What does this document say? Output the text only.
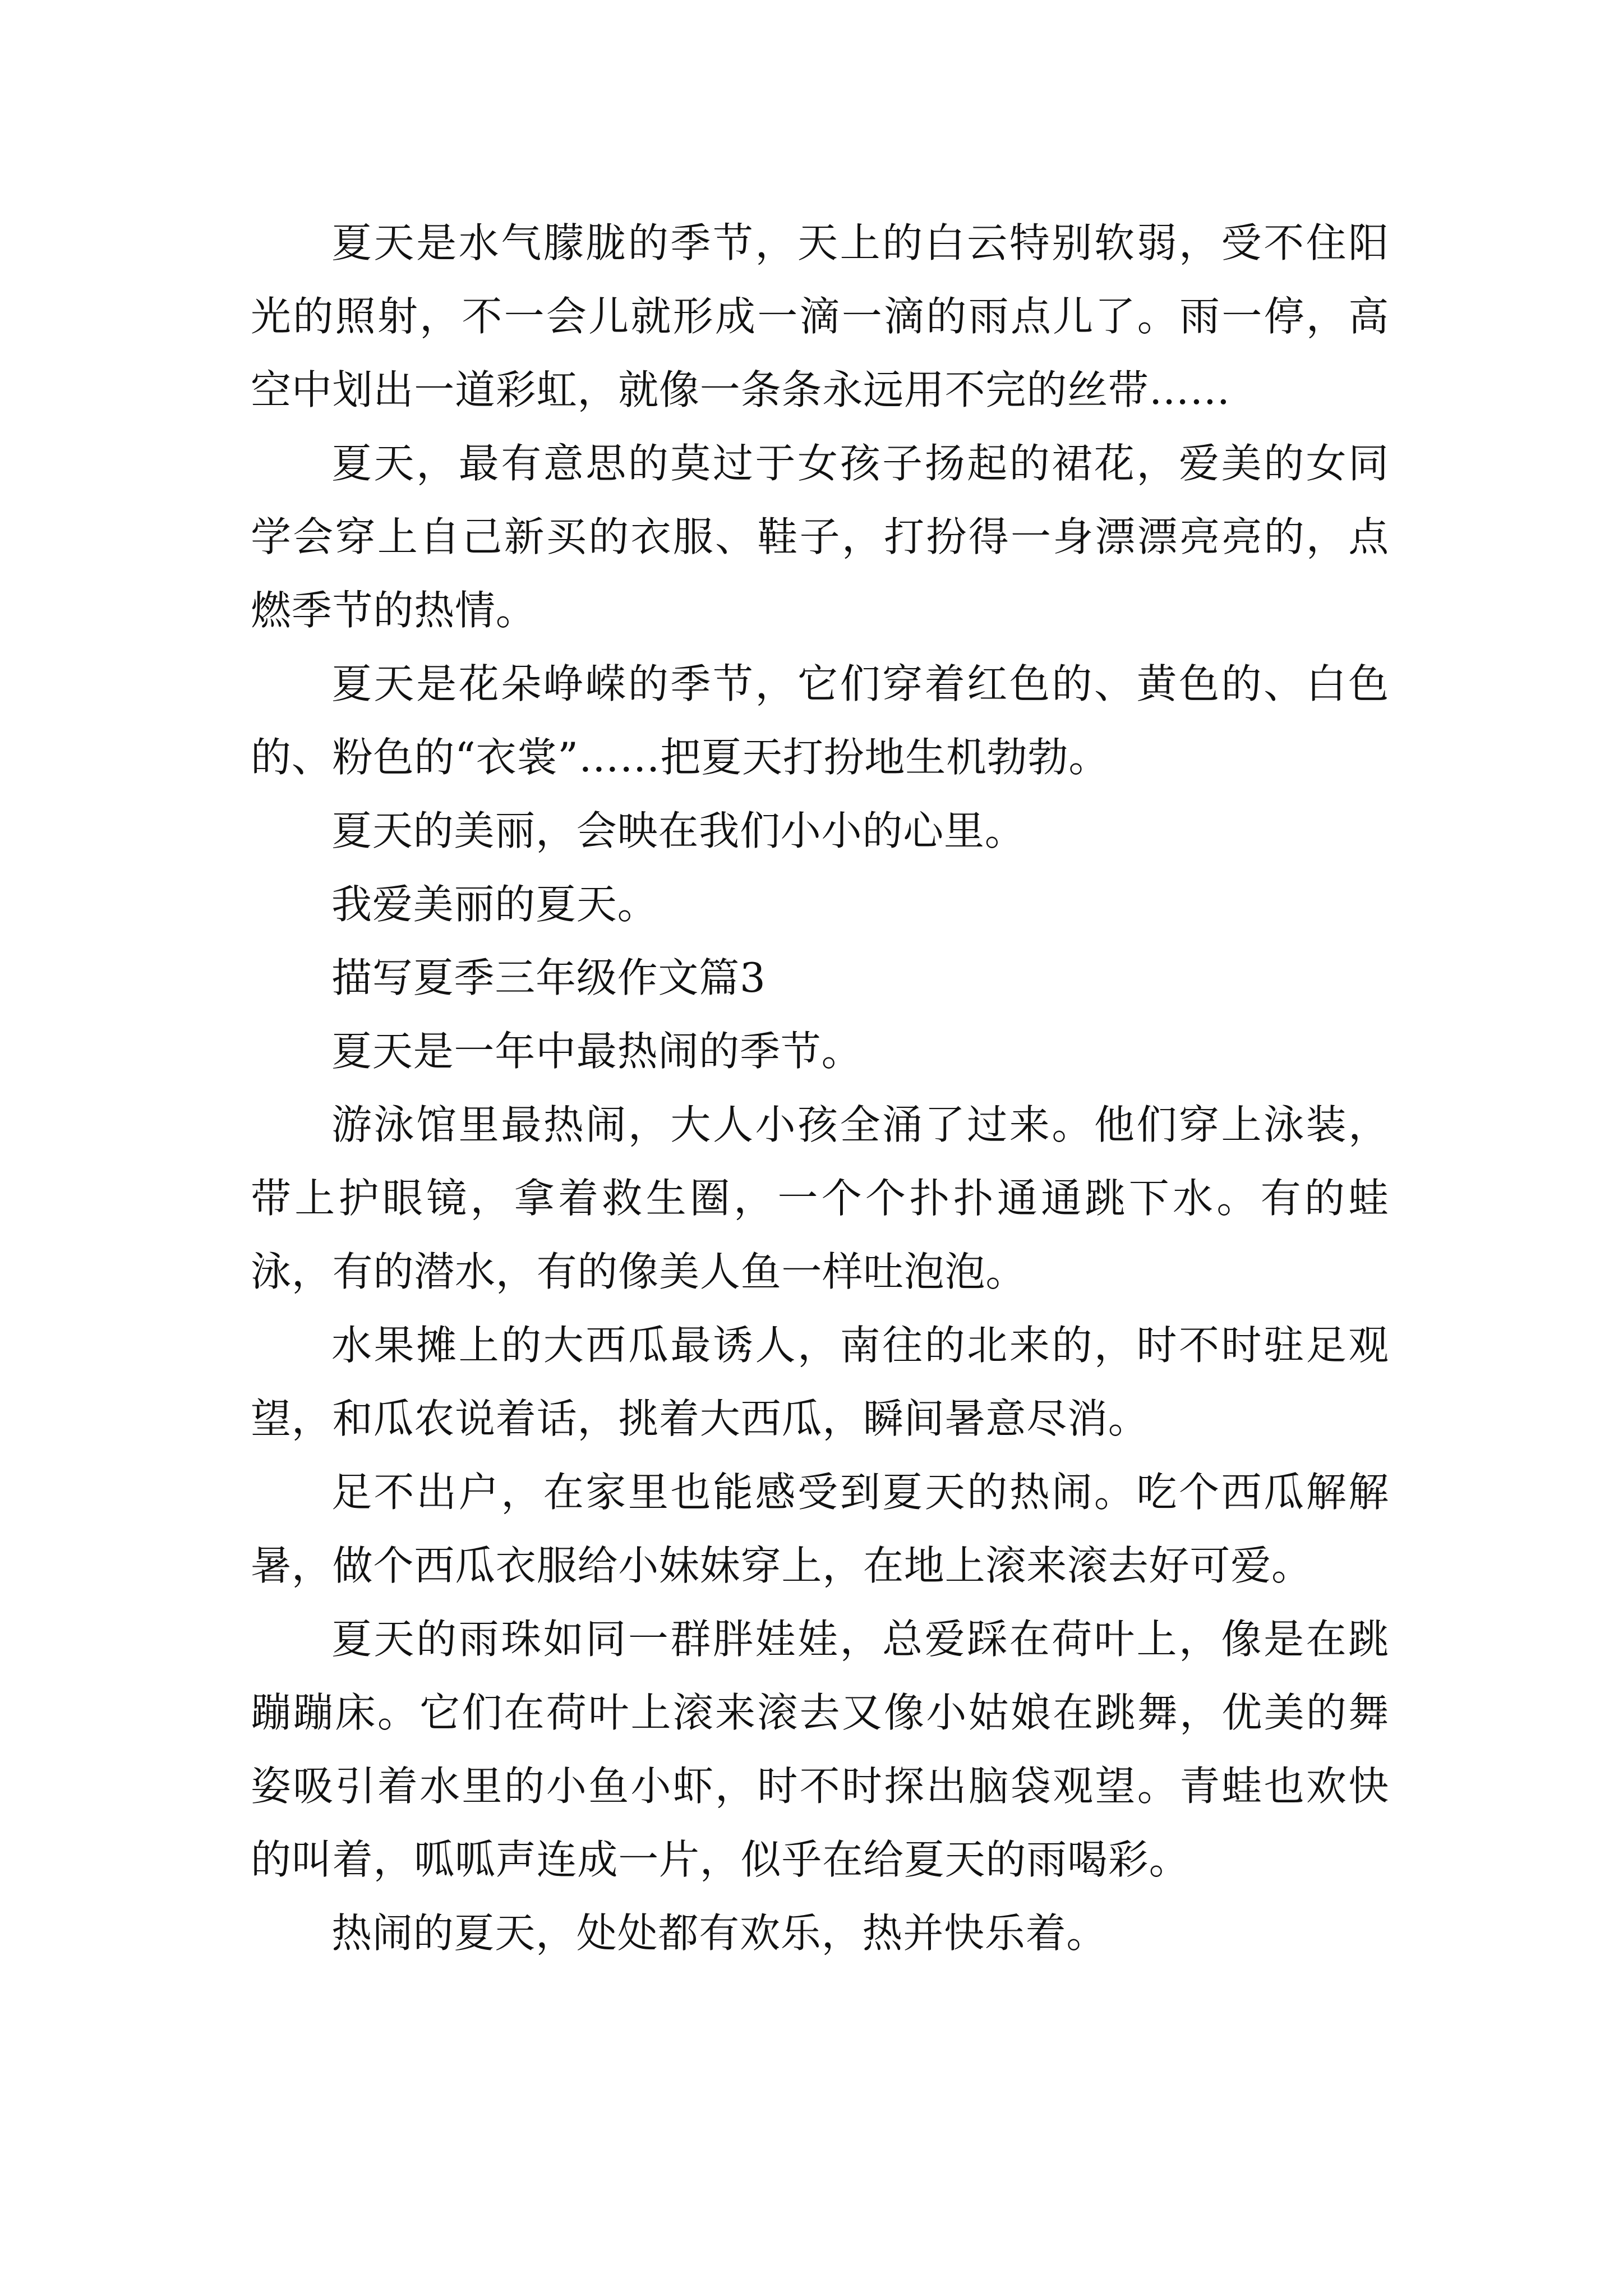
夏天是水气朦胧的季节，天上的白云特别软弱，受不住阳光的照射，不一会儿就形成一滴一滴的雨点儿了。雨一停，高空中划出一道彩虹，就像一条条永远用不完的丝带……

夏天，最有意思的莫过于女孩子扬起的裙花，爱美的女同学会穿上自己新买的衣服、鞋子，打扮得一身漂漂亮亮的，点燃季节的热情。

夏天是花朵峥嵘的季节，它们穿着红色的、黄色的、白色的、粉色的“衣裳”……把夏天打扮地生机勃勃。

夏天的美丽，会映在我们小小的心里。

我爱美丽的夏天。

描写夏季三年级作文篇3

夏天是一年中最热闹的季节。

游泳馆里最热闹，大人小孩全涌了过来。他们穿上泳装，带上护眼镜，拿着救生圈，一个个扑扑通通跳下水。有的蛙泳，有的潜水，有的像美人鱼一样吐泡泡。

水果摊上的大西瓜最诱人，南往的北来的，时不时驻足观望，和瓜农说着话，挑着大西瓜，瞬间暑意尽消。

足不出户，在家里也能感受到夏天的热闹。吃个西瓜解解暑，做个西瓜衣服给小妹妹穿上，在地上滚来滚去好可爱。

夏天的雨珠如同一群胖娃娃，总爱踩在荷叶上，像是在跳蹦蹦床。它们在荷叶上滚来滚去又像小姑娘在跳舞，优美的舞姿吸引着水里的小鱼小虾，时不时探出脑袋观望。青蛙也欢快的叫着，呱呱声连成一片，似乎在给夏天的雨喝彩。

热闹的夏天，处处都有欢乐，热并快乐着。
